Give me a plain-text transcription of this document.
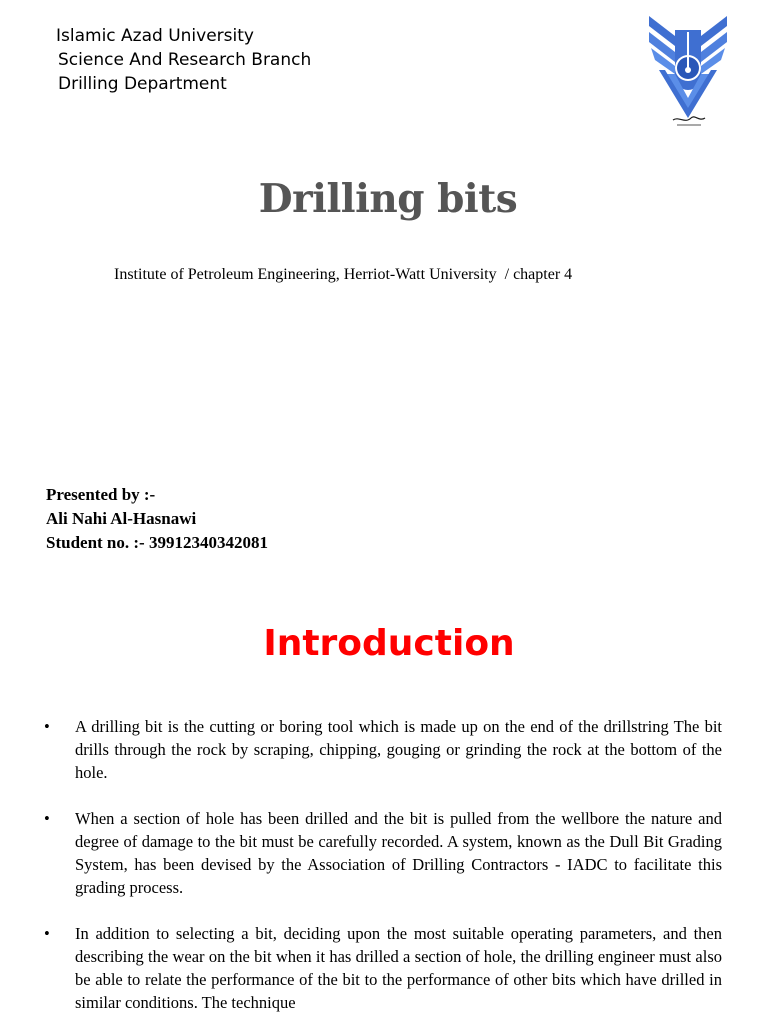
Islamic Azad University
Science And Research Branch
Drilling Department
Drilling bits
Institute of Petroleum Engineering, Herriot-Watt University  / chapter 4
Presented by :-
Ali Nahi Al-Hasnawi
Student no. :- 39912340342081
Introduction
• A drilling bit is the cutting or boring tool which is made up on the end of the drillstring The bit drills through the rock by scraping, chipping, gouging or grinding the rock at the bottom of the hole.
• When a section of hole has been drilled and the bit is pulled from the wellbore the nature and degree of damage to the bit must be carefully recorded. A system, known as the Dull Bit Grading System, has been devised by the Association of Drilling Contractors - IADC to facilitate this grading process.
• In addition to selecting a bit, deciding upon the most suitable operating parameters, and then describing the wear on the bit when it has drilled a section of hole, the drilling engineer must also be able to relate the performance of the bit to the performance of other bits which have drilled in similar conditions. The technique
